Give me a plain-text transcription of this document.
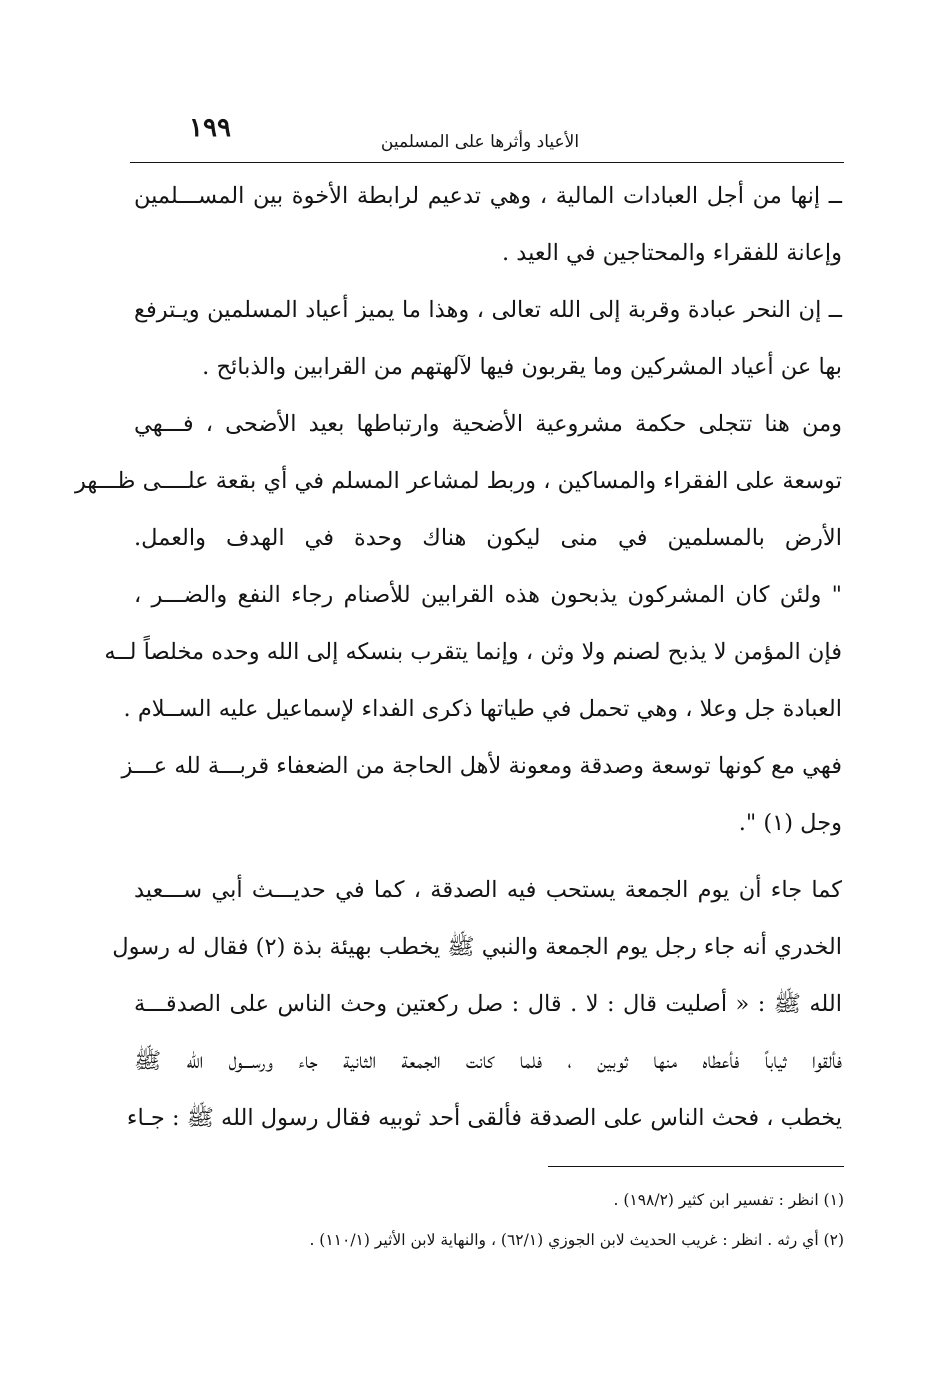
١٩٩	الأعياد وأثرها على المسلمين
ــ إنها من أجل العبادات المالية ، وهي تدعيم لرابطة الأخوة بين المســـلمين
وإعانة للفقراء والمحتاجين في العيد .
ــ إن النحر عبادة وقربة إلى الله تعالى ، وهذا ما يميز أعياد المسلمين ويـترفع
بها عن أعياد المشركين وما يقربون فيها لآلهتهم من القرابين والذبائح .
ومن هنا تتجلى حكمة مشروعية الأضحية وارتباطها بعيد الأضحى ، فـــهي
توسعة على الفقراء والمساكين ، وربط لمشاعر المسلم في أي بقعة علــــى ظـــهر
الأرض بالمسلمين في منى ليكون هناك وحدة في الهدف والعمل.
" ولئن كان المشركون يذبحون هذه القرابين للأصنام رجاء النفع والضـــر ،
فإن المؤمن لا يذبح لصنم ولا وثن ، وإنما يتقرب بنسكه إلى الله وحده مخلصاً لــه
العبادة جل وعلا ، وهي تحمل في طياتها ذكرى الفداء لإسماعيل عليه الســلام .
فهي مع كونها توسعة وصدقة ومعونة لأهل الحاجة من الضعفاء قربـــة لله عـــز
وجل (١) ".
كما جاء أن يوم الجمعة يستحب فيه الصدقة ، كما في حديـــث أبي ســـعيد
الخدري أنه جاء رجل يوم الجمعة والنبي ﷺ يخطب بهيئة بذة (٢) فقال له رسول
الله ﷺ : « أصليت قال : لا . قال : صل ركعتين وحث الناس على الصدقـــة
فألقوا ثياباً فأعطاه منها ثوبين ، فلما كانت الجمعة الثانية جاء ورســـول الله ﷺ
يخطب ، فحث الناس على الصدقة فألقى أحد ثوبيه فقال رسول الله ﷺ : جـاء
(١) انظر : تفسير ابن كثير (١٩٨/٢) .
(٢) أي رثه . انظر : غريب الحديث لابن الجوزي (٦٢/١) ، والنهاية لابن الأثير (١١٠/١) .
